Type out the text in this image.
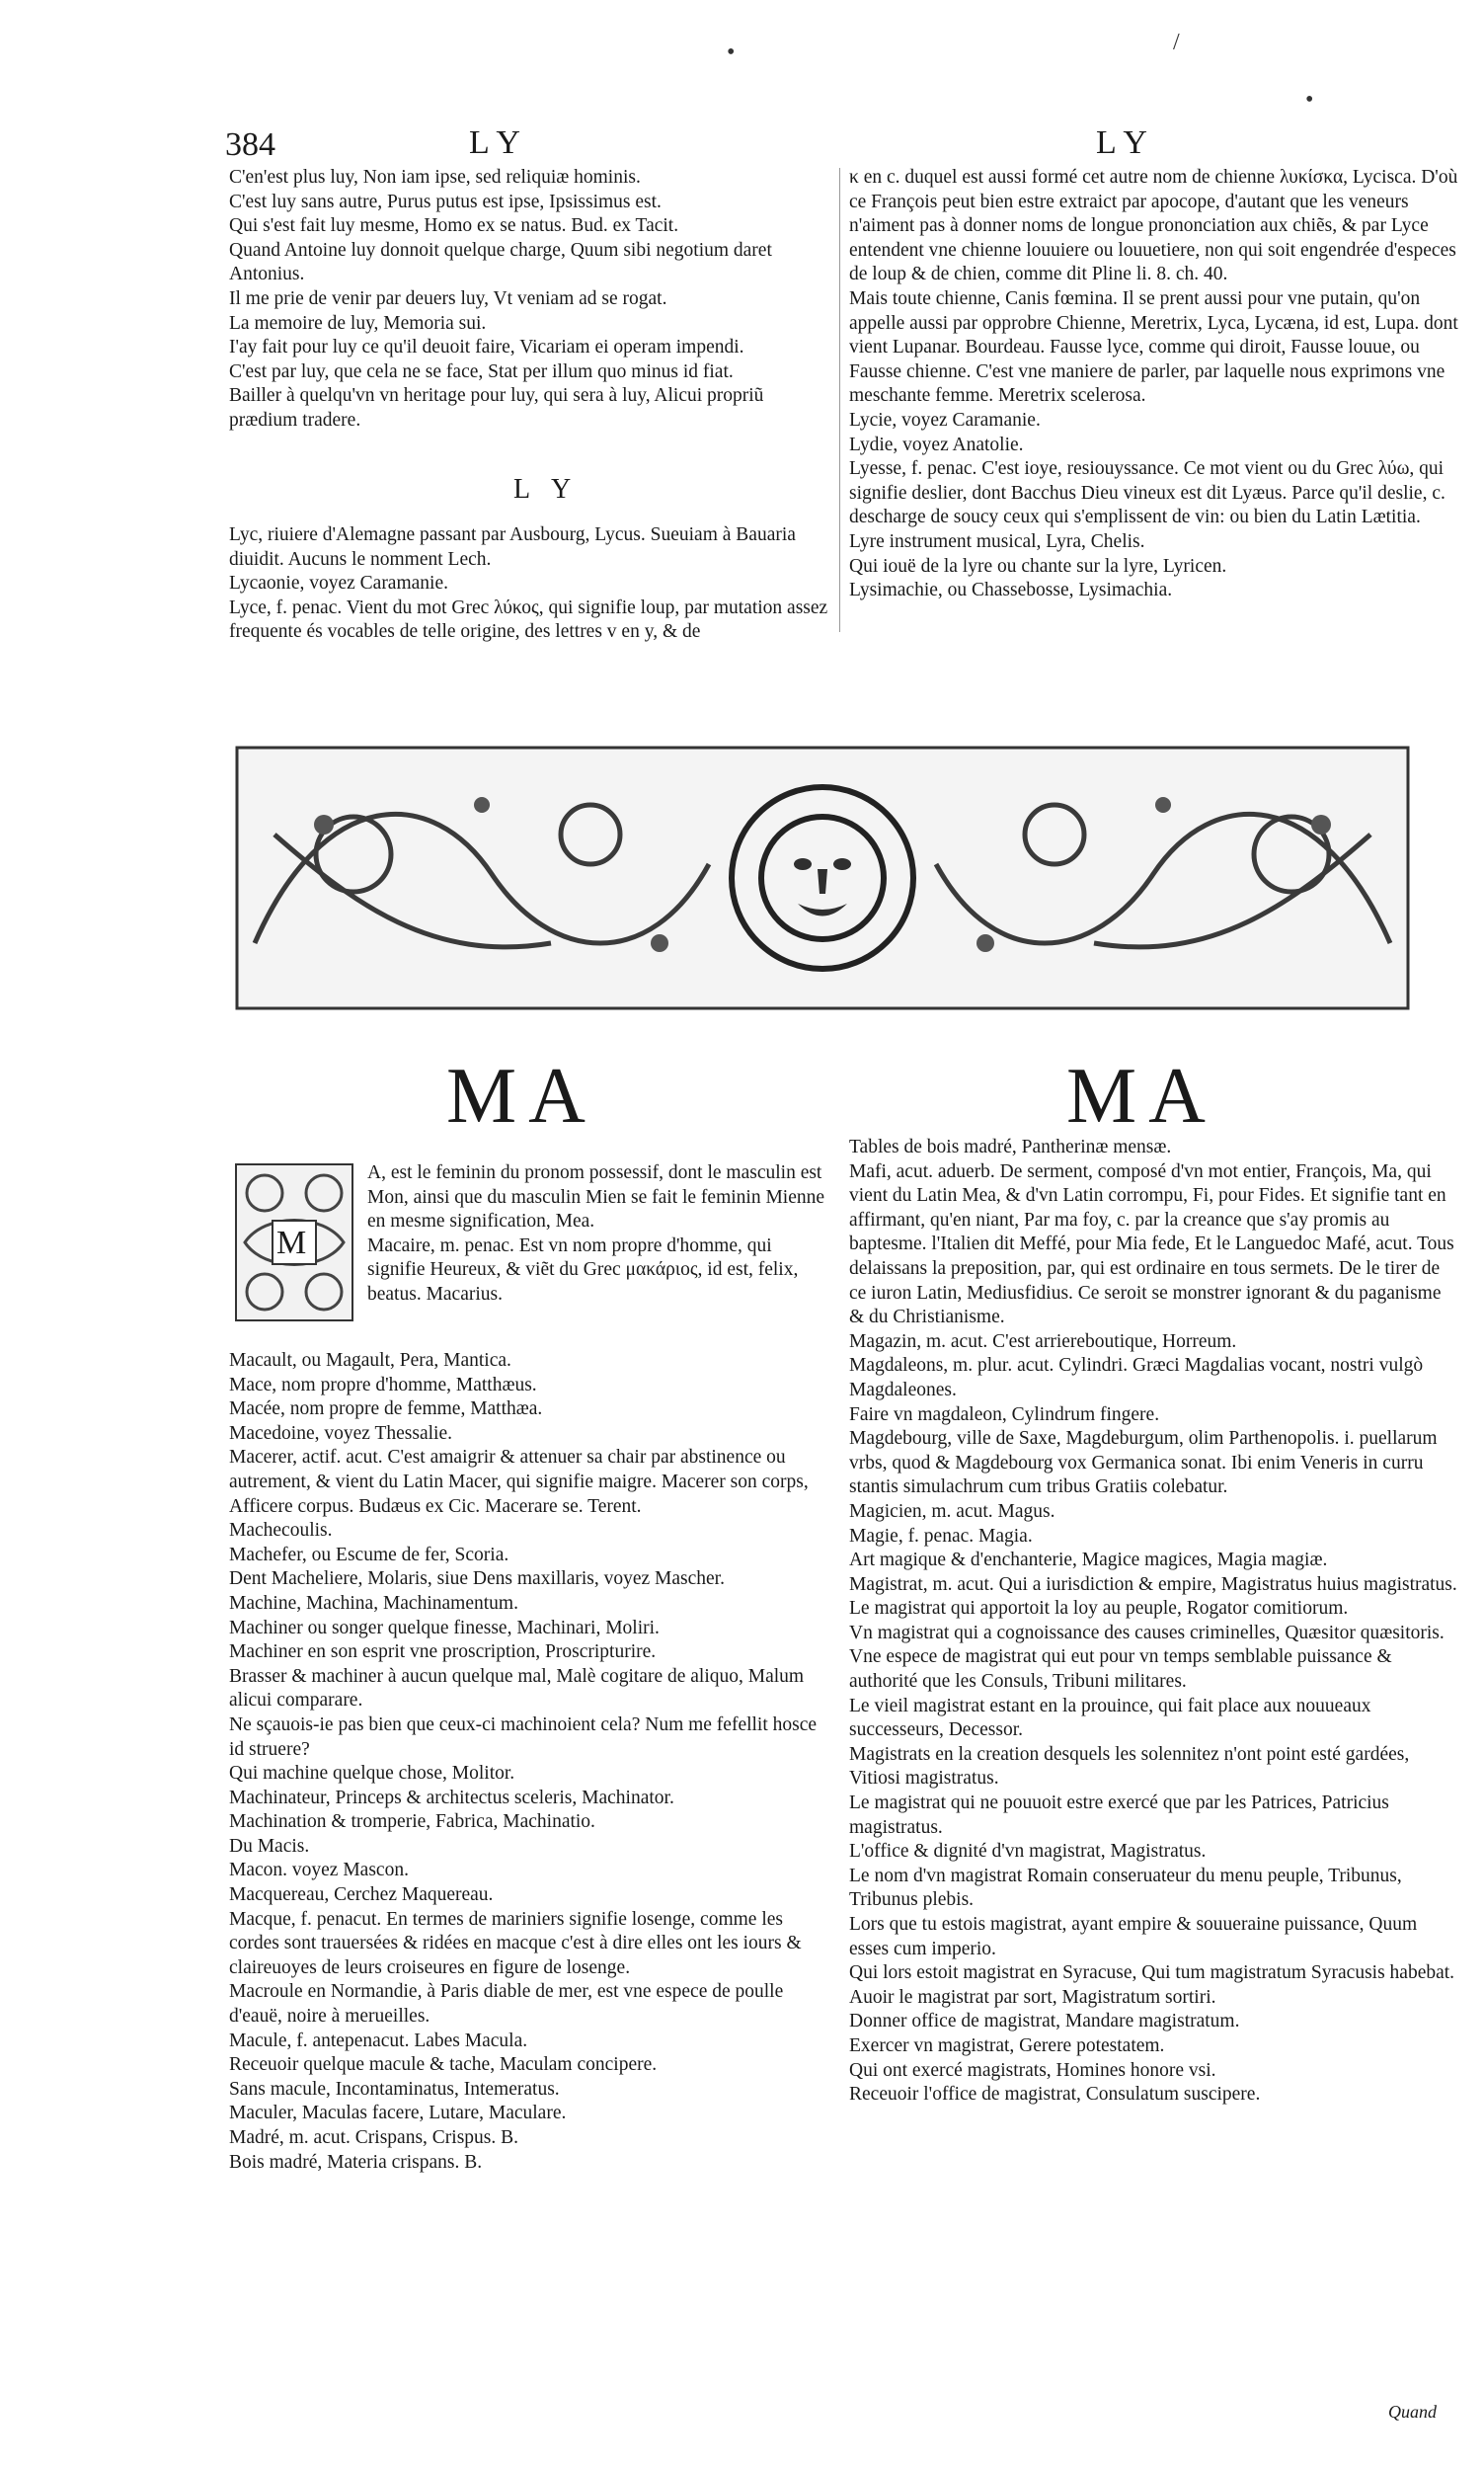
•	/
•
384	LY	LY

C'en'est plus luy, Non iam ipse, sed reliquiæ hominis.

C'est luy sans autre, Purus putus est ipse, Ipsissimus est.

Qui s'est fait luy mesme, Homo ex se natus. Bud. ex Tacit.

Quand Antoine luy donnoit quelque charge, Quum sibi negotium daret Antonius.

Il me prie de venir par deuers luy, Vt veniam ad se rogat.

La memoire de luy, Memoria sui.

I'ay fait pour luy ce qu'il deuoit faire, Vicariam ei operam impendi.

C'est par luy, que cela ne se face, Stat per illum quo minus id fiat.

Bailler à quelqu'vn vn heritage pour luy, qui sera à luy, Alicui propriũ prædium tradere.

L Y

Lyc, riuiere d'Alemagne passant par Ausbourg, Lycus. Sueuiam à Bauaria diuidit. Aucuns le nomment Lech.

Lycaonie, voyez Caramanie.

Lyce, f. penac. Vient du mot Grec λύκος, qui signifie loup, par mutation assez frequente és vocables de telle origine, des lettres v en y, & de

κ en c. duquel est aussi formé cet autre nom de chienne λυκίσκα, Lycisca. D'où ce François peut bien estre extraict par apocope, d'autant que les veneurs n'aiment pas à donner noms de longue prononciation aux chiẽs, & par Lyce entendent vne chienne louuiere ou louuetiere, non qui soit engendrée d'especes de loup & de chien, comme dit Pline li. 8. ch. 40.

Mais toute chienne, Canis fœmina. Il se prent aussi pour vne putain, qu'on appelle aussi par opprobre Chienne, Meretrix, Lyca, Lycæna, id est, Lupa. dont vient Lupanar. Bourdeau. Fausse lyce, comme qui diroit, Fausse louue, ou Fausse chienne. C'est vne maniere de parler, par laquelle nous exprimons vne meschante femme. Meretrix scelerosa.

Lycie, voyez Caramanie.

Lydie, voyez Anatolie.

Lyesse, f. penac. C'est ioye, resiouyssance. Ce mot vient ou du Grec λύω, qui signifie deslier, dont Bacchus Dieu vineux est dit Lyæus. Parce qu'il deslie, c. descharge de soucy ceux qui s'emplissent de vin: ou bien du Latin Lætitia.

Lyre instrument musical, Lyra, Chelis.

Qui iouë de la lyre ou chante sur la lyre, Lyricen.

Lysimachie, ou Chassebosse, Lysimachia.

MA	MA
M

A, est le feminin du pronom possessif, dont le masculin est Mon, ainsi que du masculin Mien se fait le feminin Mienne en mesme signification, Mea.

Macaire, m. penac. Est vn nom propre d'homme, qui signifie Heureux, & viẽt du Grec μακάριος, id est, felix, beatus. Macarius.

Macault, ou Magault, Pera, Mantica.

Mace, nom propre d'homme, Matthæus.

Macée, nom propre de femme, Matthæa.

Macedoine, voyez Thessalie.

Macerer, actif. acut. C'est amaigrir & attenuer sa chair par abstinence ou autrement, & vient du Latin Macer, qui signifie maigre. Macerer son corps, Afficere corpus. Budæus ex Cic. Macerare se. Terent.

Machecoulis.

Machefer, ou Escume de fer, Scoria.

Dent Macheliere, Molaris, siue Dens maxillaris, voyez Mascher.

Machine, Machina, Machinamentum.

Machiner ou songer quelque finesse, Machinari, Moliri.

Machiner en son esprit vne proscription, Proscripturire.

Brasser & machiner à aucun quelque mal, Malè cogitare de aliquo, Malum alicui comparare.

Ne sçauois-ie pas bien que ceux-ci machinoient cela? Num me fefellit hosce id struere?

Qui machine quelque chose, Molitor.

Machinateur, Princeps & architectus sceleris, Machinator.

Machination & tromperie, Fabrica, Machinatio.

Du Macis.

Macon. voyez Mascon.

Macquereau, Cerchez Maquereau.

Macque, f. penacut. En termes de mariniers signifie losenge, comme les cordes sont trauersées & ridées en macque c'est à dire elles ont les iours & claireuoyes de leurs croiseures en figure de losenge.

Macroule en Normandie, à Paris diable de mer, est vne espece de poulle d'eauë, noire à merueilles.

Macule, f. antepenacut. Labes Macula.

Receuoir quelque macule & tache, Maculam concipere.

Sans macule, Incontaminatus, Intemeratus.

Maculer, Maculas facere, Lutare, Maculare.

Madré, m. acut. Crispans, Crispus. B.

Bois madré, Materia crispans. B.

Tables de bois madré, Pantherinæ mensæ.

Mafi, acut. aduerb. De serment, composé d'vn mot entier, François, Ma, qui vient du Latin Mea, & d'vn Latin corrompu, Fi, pour Fides. Et signifie tant en affirmant, qu'en niant, Par ma foy, c. par la creance que s'ay promis au baptesme. l'Italien dit Meffé, pour Mia fede, Et le Languedoc Mafé, acut. Tous delaissans la preposition, par, qui est ordinaire en tous sermets. De le tirer de ce iuron Latin, Mediusfidius. Ce seroit se monstrer ignorant & du paganisme & du Christianisme.

Magazin, m. acut. C'est arriereboutique, Horreum.

Magdaleons, m. plur. acut. Cylindri. Græci Magdalias vocant, nostri vulgò Magdaleones.

Faire vn magdaleon, Cylindrum fingere.

Magdebourg, ville de Saxe, Magdeburgum, olim Parthenopolis. i. puellarum vrbs, quod & Magdebourg vox Germanica sonat. Ibi enim Veneris in curru stantis simulachrum cum tribus Gratiis colebatur.

Magicien, m. acut. Magus.

Magie, f. penac. Magia.

Art magique & d'enchanterie, Magice magices, Magia magiæ.

Magistrat, m. acut. Qui a iurisdiction & empire, Magistratus huius magistratus.

Le magistrat qui apportoit la loy au peuple, Rogator comitiorum.

Vn magistrat qui a cognoissance des causes criminelles, Quæsitor quæsitoris.

Vne espece de magistrat qui eut pour vn temps semblable puissance & authorité que les Consuls, Tribuni militares.

Le vieil magistrat estant en la prouince, qui fait place aux nouueaux successeurs, Decessor.

Magistrats en la creation desquels les solennitez n'ont point esté gardées, Vitiosi magistratus.

Le magistrat qui ne pouuoit estre exercé que par les Patrices, Patricius magistratus.

L'office & dignité d'vn magistrat, Magistratus.

Le nom d'vn magistrat Romain conseruateur du menu peuple, Tribunus, Tribunus plebis.

Lors que tu estois magistrat, ayant empire & souueraine puissance, Quum esses cum imperio.

Qui lors estoit magistrat en Syracuse, Qui tum magistratum Syracusis habebat.

Auoir le magistrat par sort, Magistratum sortiri.

Donner office de magistrat, Mandare magistratum.

Exercer vn magistrat, Gerere potestatem.

Qui ont exercé magistrats, Homines honore vsi.

Receuoir l'office de magistrat, Consulatum suscipere.

Quand
